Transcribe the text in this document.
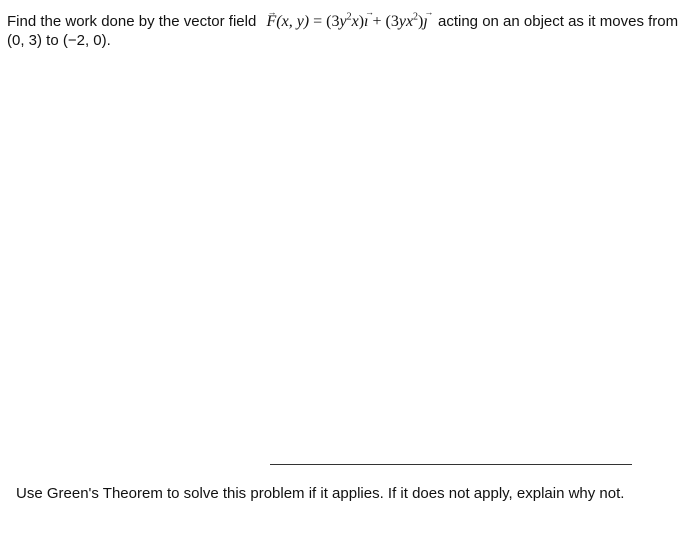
Find the work done by the vector field → F(x, $y) = (3y^2x)\to$ ı + $(3yx^2)\to$ ȷ acting on an object as it moves from (0, 3) to (−2, 0).
Use Green's Theorem to solve this problem if it applies. If it does not apply, explain why not.
